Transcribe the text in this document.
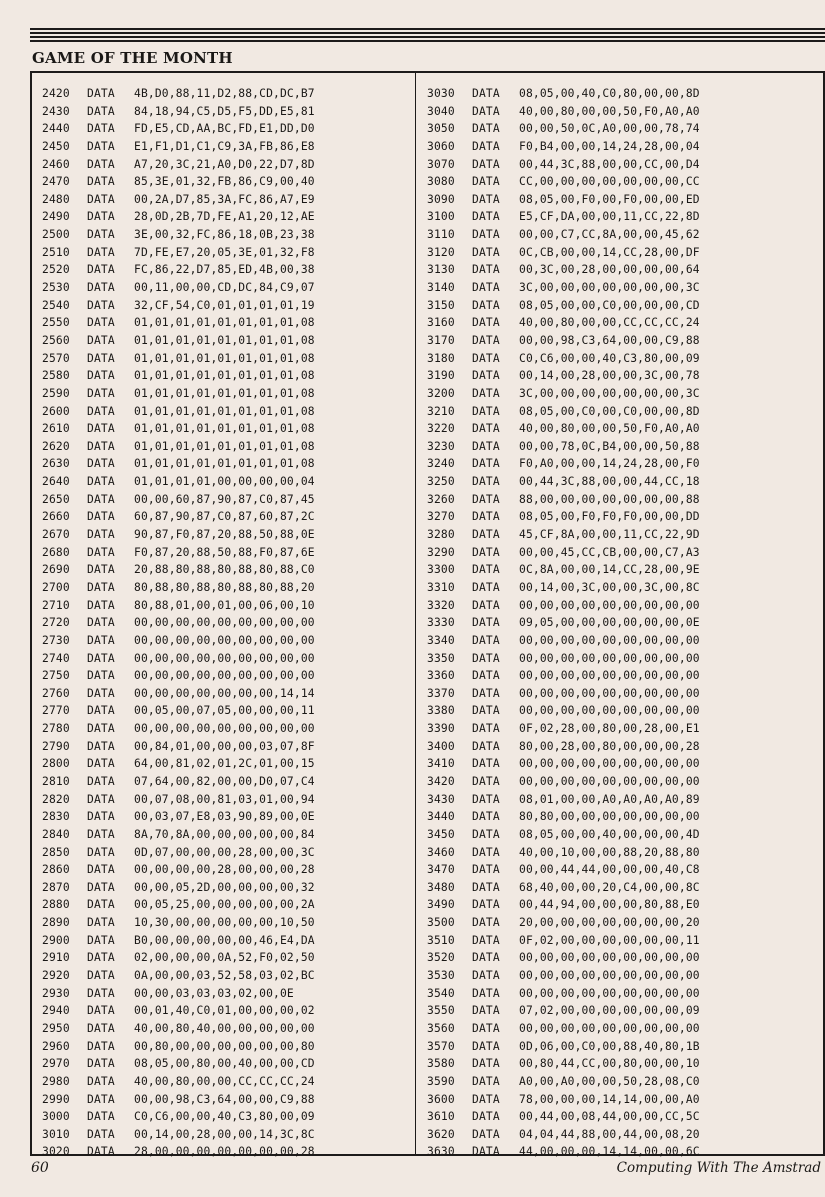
GAME OF THE MONTH
2420 DATA 4B,D0,88,11,D2,88,CD,DC,B7
2430 DATA 84,18,94,C5,D5,F5,DD,E5,81
2440 DATA FD,E5,CD,AA,BC,FD,E1,DD,D0
2450 DATA E1,F1,D1,C1,C9,3A,FB,86,E8
2460 DATA A7,20,3C,21,A0,D0,22,D7,8D
2470 DATA 85,3E,01,32,FB,86,C9,00,40
2480 DATA 00,2A,D7,85,3A,FC,86,A7,E9
2490 DATA 28,0D,2B,7D,FE,A1,20,12,AE
2500 DATA 3E,00,32,FC,86,18,0B,23,38
2510 DATA 7D,FE,E7,20,05,3E,01,32,F8
2520 DATA FC,86,22,D7,85,ED,4B,00,38
2530 DATA 00,11,00,00,CD,DC,84,C9,07
2540 DATA 32,CF,54,C0,01,01,01,01,19
2550 DATA 01,01,01,01,01,01,01,01,08
2560 DATA 01,01,01,01,01,01,01,01,08
2570 DATA 01,01,01,01,01,01,01,01,08
2580 DATA 01,01,01,01,01,01,01,01,08
2590 DATA 01,01,01,01,01,01,01,01,08
2600 DATA 01,01,01,01,01,01,01,01,08
2610 DATA 01,01,01,01,01,01,01,01,08
2620 DATA 01,01,01,01,01,01,01,01,08
2630 DATA 01,01,01,01,01,01,01,01,08
2640 DATA 01,01,01,01,00,00,00,00,04
2650 DATA 00,00,60,87,90,87,C0,87,45
2660 DATA 60,87,90,87,C0,87,60,87,2C
2670 DATA 90,87,F0,87,20,88,50,88,0E
2680 DATA F0,87,20,88,50,88,F0,87,6E
2690 DATA 20,88,80,88,80,88,80,88,C0
2700 DATA 80,88,80,88,80,88,80,88,20
2710 DATA 80,88,01,00,01,00,06,00,10
2720 DATA 00,00,00,00,00,00,00,00,00
2730 DATA 00,00,00,00,00,00,00,00,00
2740 DATA 00,00,00,00,00,00,00,00,00
2750 DATA 00,00,00,00,00,00,00,00,00
2760 DATA 00,00,00,00,00,00,00,14,14
2770 DATA 00,05,00,07,05,00,00,00,11
2780 DATA 00,00,00,00,00,00,00,00,00
2790 DATA 00,84,01,00,00,00,03,07,8F
2800 DATA 64,00,81,02,01,2C,01,00,15
2810 DATA 07,64,00,82,00,00,D0,07,C4
2820 DATA 00,07,08,00,81,03,01,00,94
2830 DATA 00,03,07,E8,03,90,89,00,0E
2840 DATA 8A,70,8A,00,00,00,00,00,84
2850 DATA 0D,07,00,00,00,28,00,00,3C
2860 DATA 00,00,00,00,28,00,00,00,28
2870 DATA 00,00,05,2D,00,00,00,00,32
2880 DATA 00,05,25,00,00,00,00,00,2A
2890 DATA 10,30,00,00,00,00,00,10,50
2900 DATA B0,00,00,00,00,00,46,E4,DA
2910 DATA 02,00,00,00,0A,52,F0,02,50
2920 DATA 0A,00,00,03,52,58,03,02,BC
2930 DATA 00,00,03,03,03,02,00,0E
2940 DATA 00,01,40,C0,01,00,00,00,02
2950 DATA 40,00,80,40,00,00,00,00,00
2960 DATA 00,80,00,00,00,00,00,00,80
2970 DATA 08,05,00,80,00,40,00,00,CD
2980 DATA 40,00,80,00,00,CC,CC,CC,24
2990 DATA 00,00,98,C3,64,00,00,C9,88
3000 DATA C0,C6,00,00,40,C3,80,00,09
3010 DATA 00,14,00,28,00,00,14,3C,8C
3020 DATA 28,00,00,00,00,00,00,00,28
3030 DATA 08,05,00,40,C0,80,00,00,8D
3040 DATA 40,00,80,00,00,50,F0,A0,A0
3050 DATA 00,00,50,0C,A0,00,00,78,74
3060 DATA F0,B4,00,00,14,24,28,00,04
3070 DATA 00,44,3C,88,00,00,CC,00,D4
3080 DATA CC,00,00,00,00,00,00,00,CC
3090 DATA 08,05,00,F0,00,F0,00,00,ED
3100 DATA E5,CF,DA,00,00,11,CC,22,8D
3110 DATA 00,00,C7,CC,8A,00,00,45,62
3120 DATA 0C,CB,00,00,14,CC,28,00,DF
3130 DATA 00,3C,00,28,00,00,00,00,64
3140 DATA 3C,00,00,00,00,00,00,00,3C
3150 DATA 08,05,00,00,C0,00,00,00,CD
3160 DATA 40,00,80,00,00,CC,CC,CC,24
3170 DATA 00,00,98,C3,64,00,00,C9,88
3180 DATA C0,C6,00,00,40,C3,80,00,09
3190 DATA 00,14,00,28,00,00,3C,00,78
3200 DATA 3C,00,00,00,00,00,00,00,3C
3210 DATA 08,05,00,C0,00,C0,00,00,8D
3220 DATA 40,00,80,00,00,50,F0,A0,A0
3230 DATA 00,00,78,0C,B4,00,00,50,88
3240 DATA F0,A0,00,00,14,24,28,00,F0
3250 DATA 00,44,3C,88,00,00,44,CC,18
3260 DATA 88,00,00,00,00,00,00,00,88
3270 DATA 08,05,00,F0,F0,F0,00,00,DD
3280 DATA 45,CF,8A,00,00,11,CC,22,9D
3290 DATA 00,00,45,CC,CB,00,00,C7,A3
3300 DATA 0C,8A,00,00,14,CC,28,00,9E
3310 DATA 00,14,00,3C,00,00,3C,00,8C
3320 DATA 00,00,00,00,00,00,00,00,00
3330 DATA 09,05,00,00,00,00,00,00,0E
3340 DATA 00,00,00,00,00,00,00,00,00
3350 DATA 00,00,00,00,00,00,00,00,00
3360 DATA 00,00,00,00,00,00,00,00,00
3370 DATA 00,00,00,00,00,00,00,00,00
3380 DATA 00,00,00,00,00,00,00,00,00
3390 DATA 0F,02,28,00,80,00,28,00,E1
3400 DATA 80,00,28,00,80,00,00,00,28
3410 DATA 00,00,00,00,00,00,00,00,00
3420 DATA 00,00,00,00,00,00,00,00,00
3430 DATA 08,01,00,00,A0,A0,A0,A0,89
3440 DATA 80,80,00,00,00,00,00,00,00
3450 DATA 08,05,00,00,40,00,00,00,4D
3460 DATA 40,00,10,00,00,88,20,88,80
3470 DATA 00,00,44,44,00,00,00,40,C8
3480 DATA 68,40,00,00,20,C4,00,00,8C
3490 DATA 00,44,94,00,00,00,80,88,E0
3500 DATA 20,00,00,00,00,00,00,00,20
3510 DATA 0F,02,00,00,00,00,00,00,11
3520 DATA 00,00,00,00,00,00,00,00,00
3530 DATA 00,00,00,00,00,00,00,00,00
3540 DATA 00,00,00,00,00,00,00,00,00
3550 DATA 07,02,00,00,00,00,00,00,09
3560 DATA 00,00,00,00,00,00,00,00,00
3570 DATA 0D,06,00,C0,00,88,40,80,1B
3580 DATA 00,80,44,CC,00,80,00,00,10
3590 DATA A0,00,A0,00,00,50,28,08,C0
3600 DATA 78,00,00,00,14,14,00,00,A0
3610 DATA 00,44,00,08,44,00,00,CC,5C
3620 DATA 04,04,44,88,00,44,00,08,20
3630 DATA 44,00,00,00,14,14,00,00,6C
60	Computing With The Amstrad
